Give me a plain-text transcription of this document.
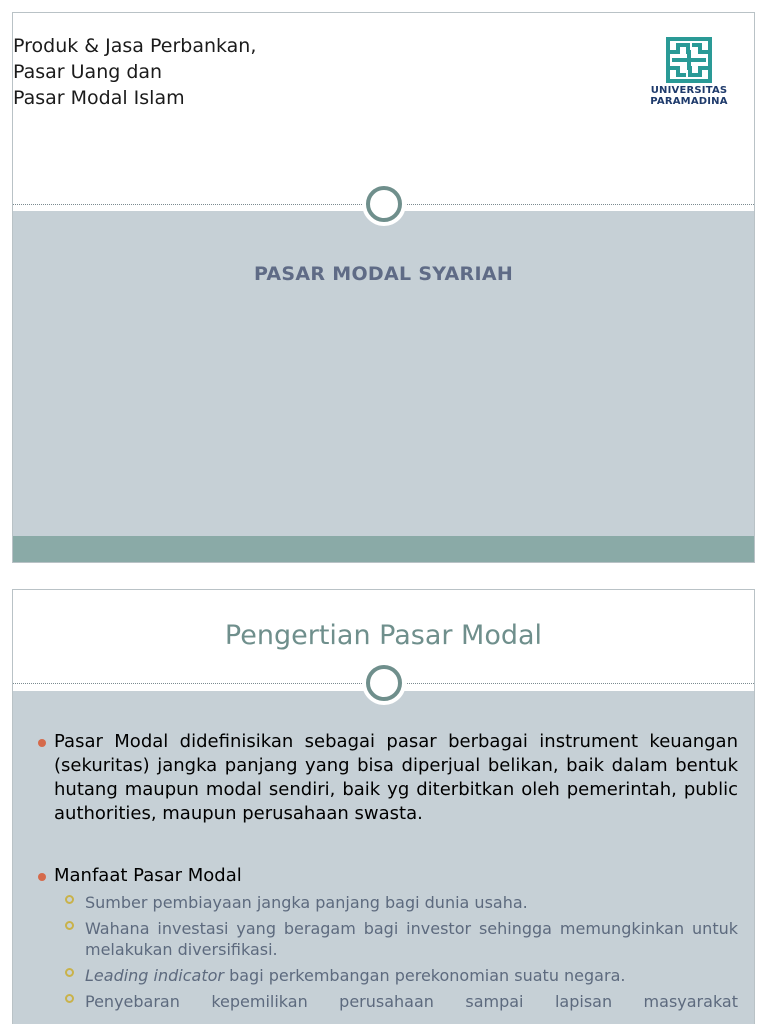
Produk & Jasa Perbankan,
Pasar Uang dan
Pasar Modal Islam	UNIVERSITAS
PARAMADINA
PASAR MODAL SYARIAH
Pengertian Pasar Modal
Pasar Modal didefinisikan sebagai pasar berbagai instrument keuangan (sekuritas) jangka panjang yang bisa diperjual belikan, baik dalam bentuk hutang maupun modal sendiri, baik yg diterbitkan oleh pemerintah, public authorities, maupun perusahaan swasta.
Manfaat Pasar Modal
Sumber pembiayaan jangka panjang bagi dunia usaha.
Wahana investasi yang beragam bagi investor sehingga memungkinkan untuk melakukan diversifikasi.
Leading indicator bagi perkembangan perekonomian suatu negara.
Penyebaran kepemilikan perusahaan sampai lapisan masyarakat
